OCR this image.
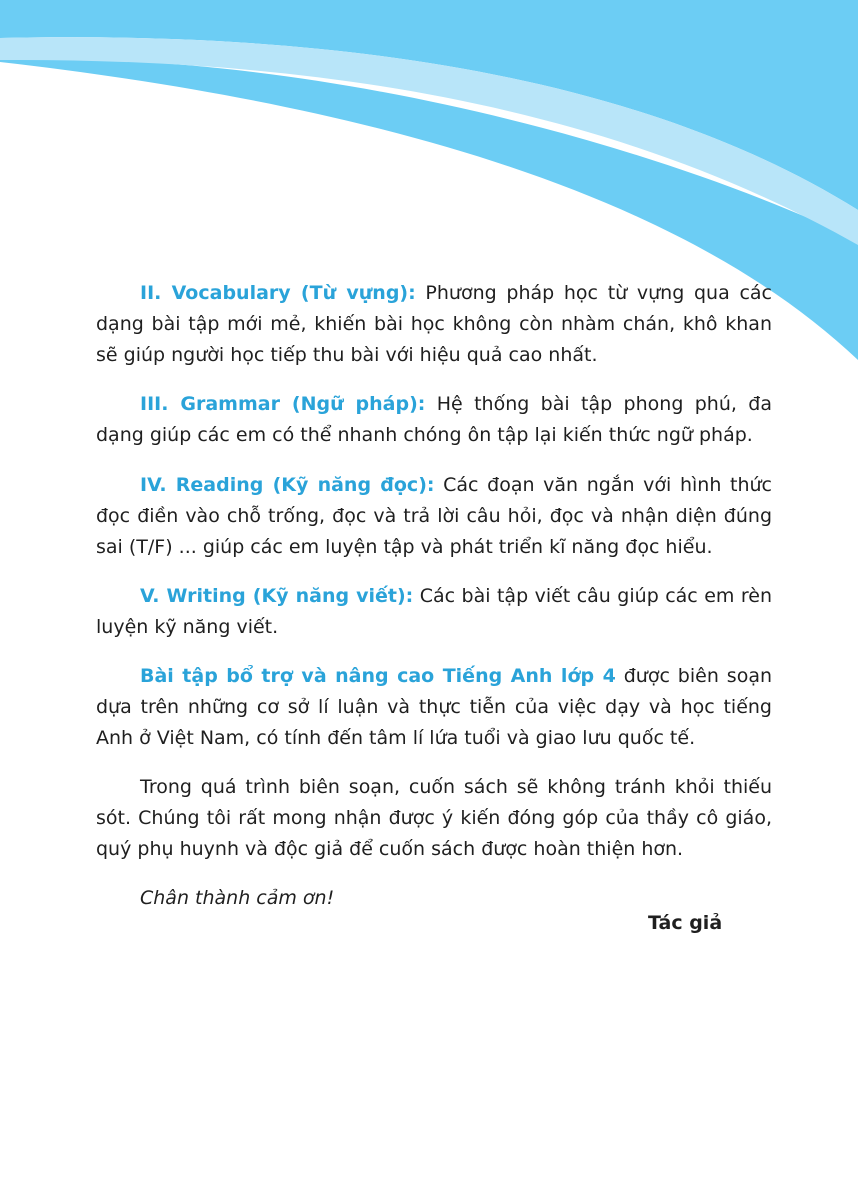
II. Vocabulary (Từ vựng): Phương pháp học từ vựng qua các dạng bài tập mới mẻ, khiến bài học không còn nhàm chán, khô khan sẽ giúp người học tiếp thu bài với hiệu quả cao nhất.

III. Grammar (Ngữ pháp): Hệ thống bài tập phong phú, đa dạng giúp các em có thể nhanh chóng ôn tập lại kiến thức ngữ pháp.

IV. Reading (Kỹ năng đọc): Các đoạn văn ngắn với hình thức đọc điền vào chỗ trống, đọc và trả lời câu hỏi, đọc và nhận diện đúng sai (T/F) ... giúp các em luyện tập và phát triển kĩ năng đọc hiểu.

V. Writing (Kỹ năng viết): Các bài tập viết câu giúp các em rèn luyện kỹ năng viết.

Bài tập bổ trợ và nâng cao Tiếng Anh lớp 4 được biên soạn dựa trên những cơ sở lí luận và thực tiễn của việc dạy và học tiếng Anh ở Việt Nam, có tính đến tâm lí lứa tuổi và giao lưu quốc tế.

Trong quá trình biên soạn, cuốn sách sẽ không tránh khỏi thiếu sót. Chúng tôi rất mong nhận được ý kiến đóng góp của thầy cô giáo, quý phụ huynh và độc giả để cuốn sách được hoàn thiện hơn.

Chân thành cảm ơn!

Tác giả
